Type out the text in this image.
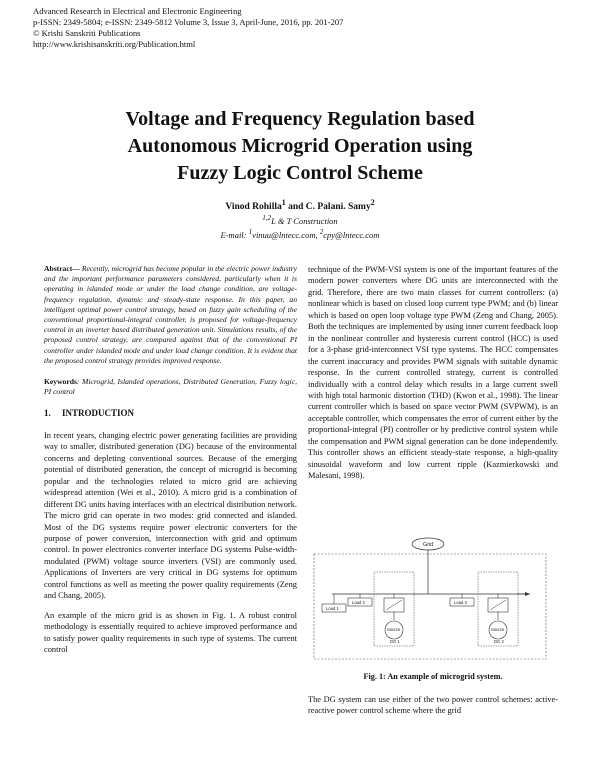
Advanced Research in Electrical and Electronic Engineering
p-ISSN: 2349-5804; e-ISSN: 2349-5812 Volume 3, Issue 3, April-June, 2016, pp. 201-207
© Krishi Sanskriti Publications
http://www.krishisanskriti.org/Publication.html
Voltage and Frequency Regulation based
Autonomous Microgrid Operation using
Fuzzy Logic Control Scheme
Vinod Rohilla$^1$ and C. Palani. Samy$^2$
$^{1,2}$L & T Construction
E-mail: $^1$vinuu@lntecc.com, $^2$cpy@lntecc.com
Abstract— Recently, microgrid has become popular in the electric power industry and the important performance parameters considered, particularly when it is operating in islanded mode or under the load change condition, are voltage-frequency regulation, dynamic and steady-state response. In this paper, an intelligent optimal power control strategy, based on fuzzy gain scheduling of the conventional proportional-integral controller, is proposed for voltage-frequency control in an inverter based distributed generation unit. Simulations results, of the proposed control strategy, are compared against that of the conventional PI controller under islanded mode and under load change condition. It is evident that the proposed control strategy provides improved response.
Keywords: Microgrid, Islanded operations, Distributed Generation, Fuzzy logic, PI control
1. INTRODUCTION

In recent years, changing electric power generating facilities are providing way to smaller, distributed generation (DG) because of the environmental concerns and depleting conventional sources. Because of the emerging potential of distributed generation, the concept of microgrid is becoming popular and the technologies related to micro grid are achieving widespread attention (Wei et al., 2010). A micro grid is a combination of different DG units having interfaces with an electrical distribution network. The micro grid can operate in two modes: grid connected and islanded. Most of the DG systems require power electronic converters for the purpose of power conversion, interconnection with grid and optimum control. In power electronics converter interface DG systems Pulse-width-modulated (PWM) voltage source inverters (VSI) are commonly used. Applications of Inverters are very critical in DG systems for optimum control functions as well as meeting the power quality requirements (Zeng and Chang, 2005).

An example of the micro grid is as shown in Fig. 1. A robust control methodology is essentially required to achieve improved performance and to satisfy power quality requirements in such type of systems. The current control

technique of the PWM-VSI system is one of the important features of the modern power converters where DG units are interconnected with the grid. Therefore, there are two main classes for current controllers: (a) nonlinear which is based on closed loop current type PWM; and (b) linear which is based on open loop voltage type PWM (Zeng and Chang, 2005). Both the techniques are implemented by using inner current feedback loop in the nonlinear controller and hysteresis current control (HCC) is used for a 3-phase grid-interconnect VSI type systems. The HCC compensates the current inaccuracy and provides PWM signals with suitable dynamic response. In the current controlled strategy, current is controlled individually with a control delay which results in a large current swell with high total harmonic distortion (THD) (Kwon et al., 1998). The linear current controller which is based on space vector PWM (SVPWM), is an acceptable controller, which compensates the error of current either by the proportional-integral (PI) controller or by predictive control system while the compensation and PWM signal generation can be done independently. This controller shows an efficient steady-state response, a high-quality sinusoidal waveform and low current ripple (Kazmierkowski and Malesani, 1998).

Grid
Source
DG 1
Source
DG 2
Load 1
Load 2	Load 3
Fig. 1: An example of microgrid system.

The DG system can use either of the two power control schemes: active-reactive power control scheme where the grid
